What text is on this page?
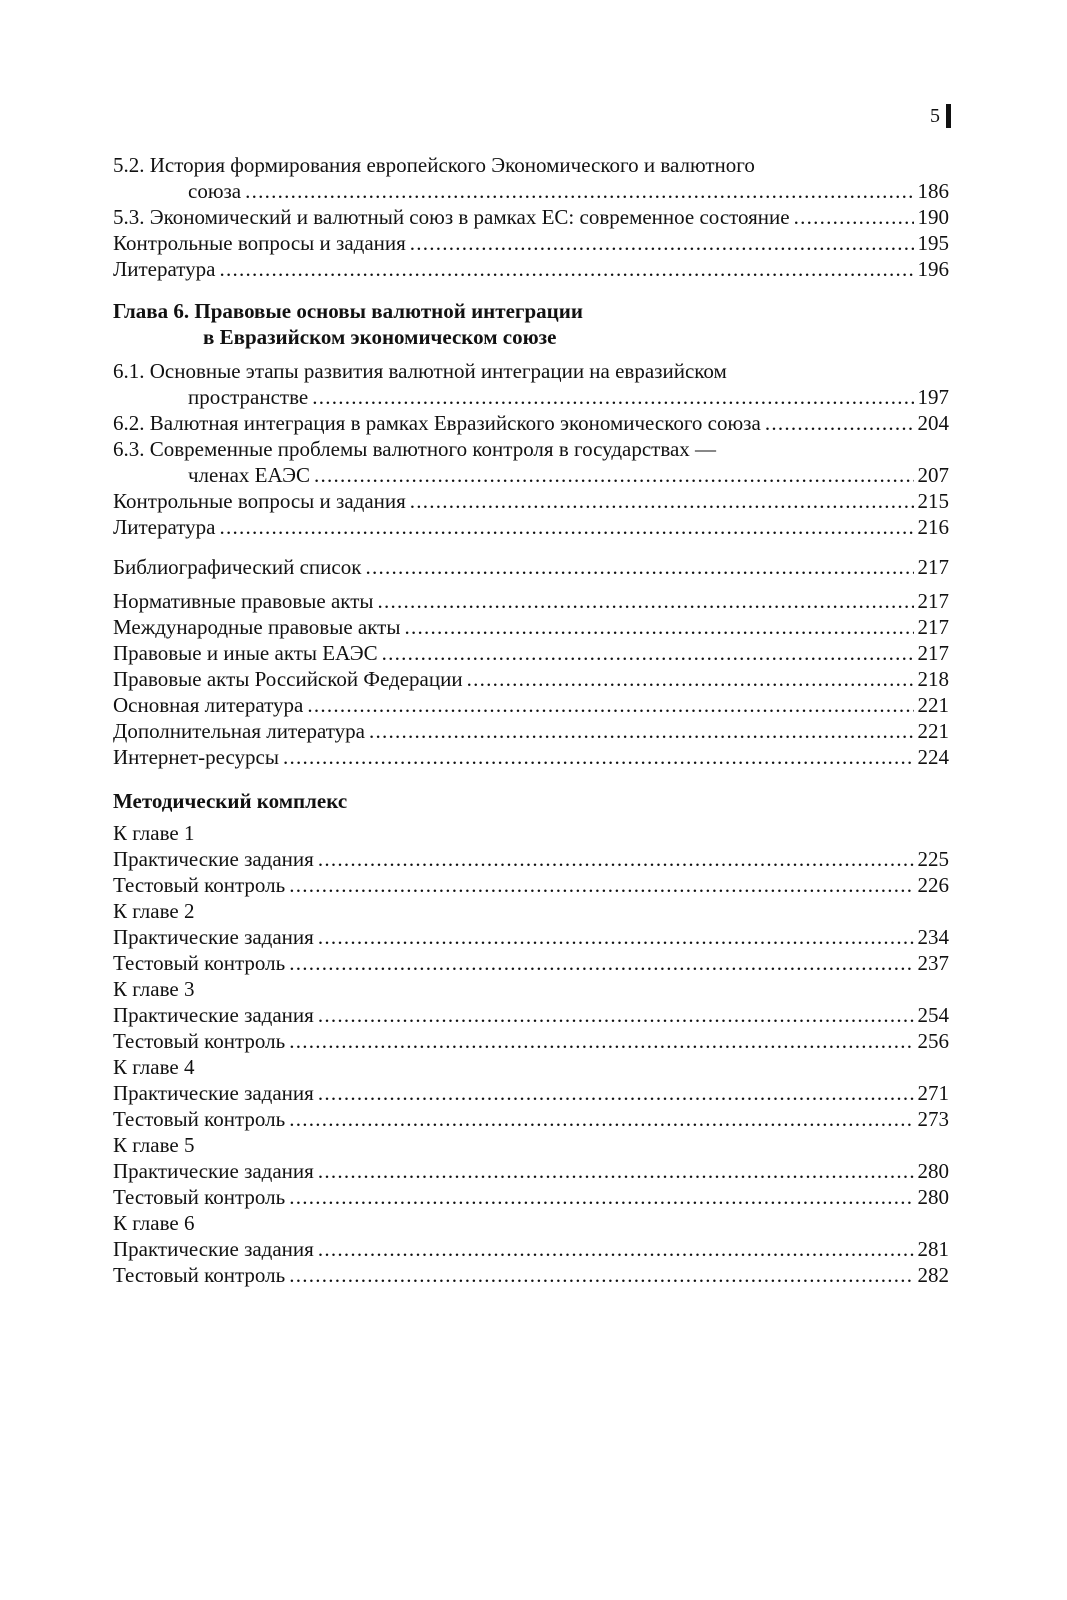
5
5.2. История формирования европейского Экономического и валютного
союза . . .	186
5.3. Экономический и валютный союз в рамках ЕС: современное состояние . . .	190
Контрольные вопросы и задания . . .	195
Литература . . .	196
Глава 6. Правовые основы валютной интеграции
в Евразийском экономическом союзе
6.1. Основные этапы развития валютной интеграции на евразийском
пространстве . . .	197
6.2. Валютная интеграция в рамках Евразийского экономического союза . . .	204
6.3. Современные проблемы валютного контроля в государствах —
членах ЕАЭС . . .	207
Контрольные вопросы и задания . . .	215
Литература . . .	216
Библиографический список . . .	217
Нормативные правовые акты . . .	217
Международные правовые акты . . .	217
Правовые и иные акты ЕАЭС . . .	217
Правовые акты Российской Федерации . . .	218
Основная литература . . .	221
Дополнительная литература . . .	221
Интернет-ресурсы . . .	224
Методический комплекс
К главе 1
Практические задания . . .	225
Тестовый контроль . . .	226
К главе 2
Практические задания . . .	234
Тестовый контроль . . .	237
К главе 3
Практические задания . . .	254
Тестовый контроль . . .	256
К главе 4
Практические задания . . .	271
Тестовый контроль . . .	273
К главе 5
Практические задания . . .	280
Тестовый контроль . . .	280
К главе 6
Практические задания . . .	281
Тестовый контроль . . .	282
